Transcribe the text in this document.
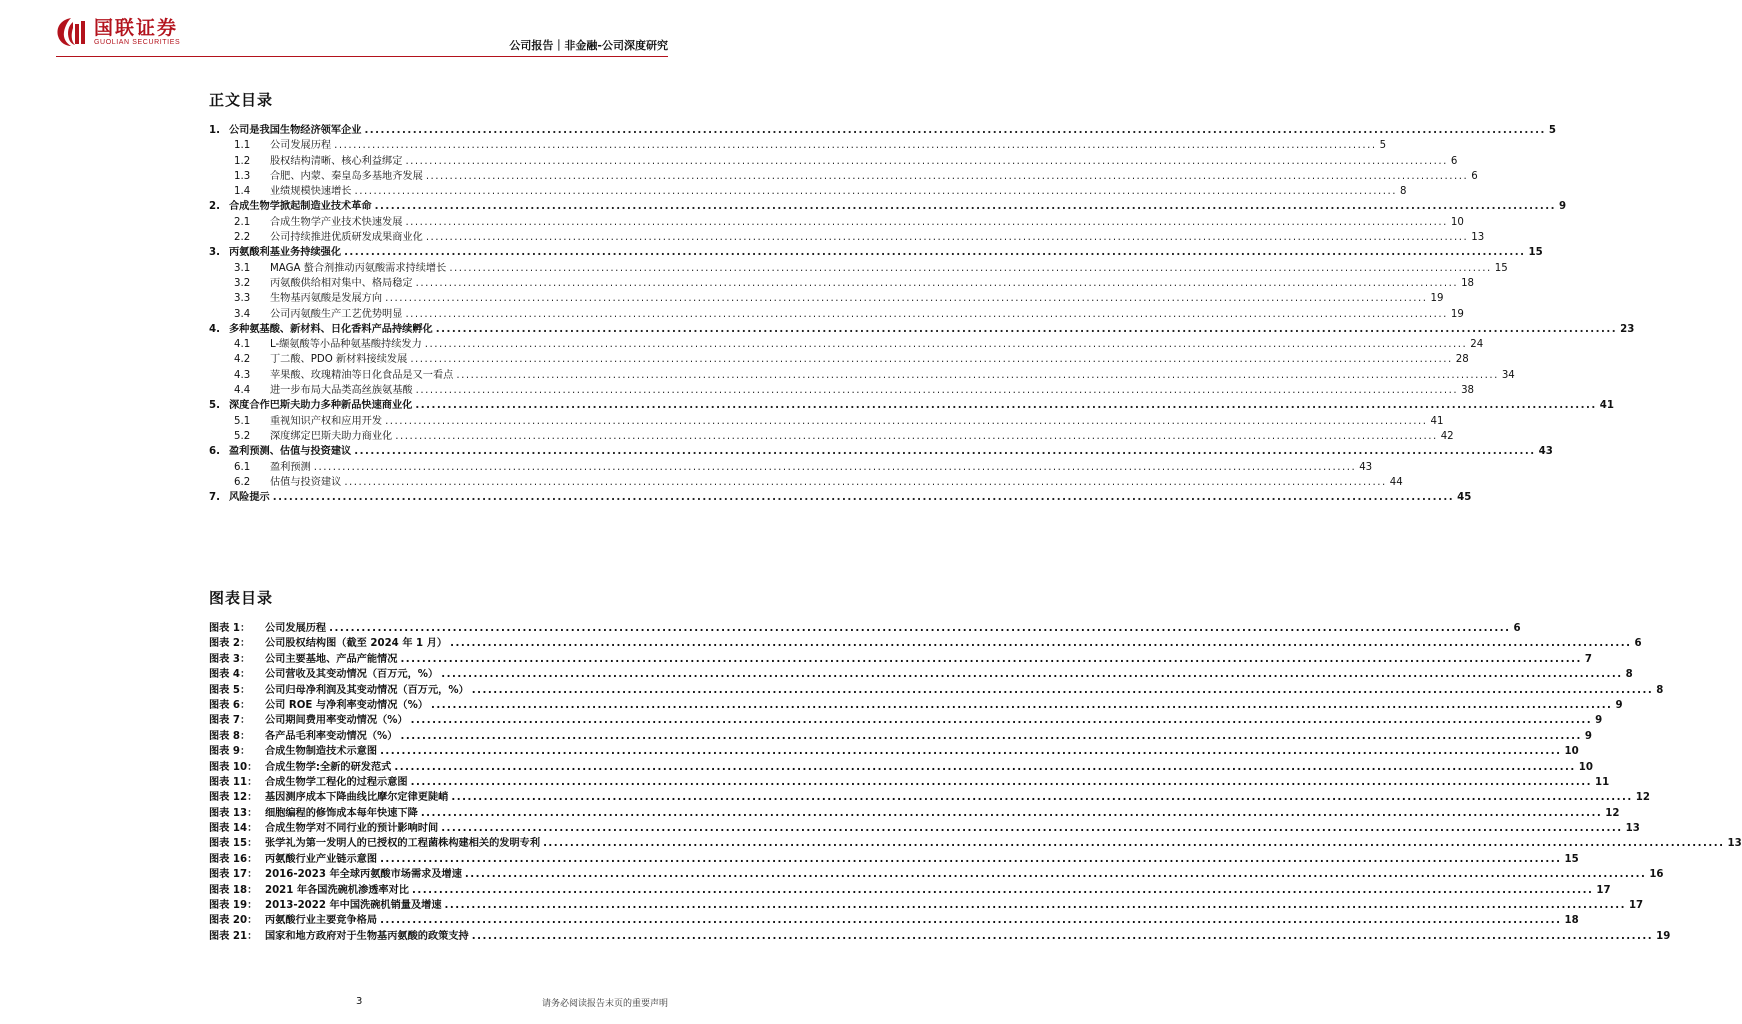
国联证券
GUOLIAN SECURITIES	公司报告｜非金融-公司深度研究
正文目录
1. 公司是我国生物经济领军企业 ............................................................................................................................................................................................................................ 5
1.1	公司发展历程 ............................................................................................................................................................................................................................ 5
1.2	股权结构清晰、核心利益绑定 ............................................................................................................................................................................................................................ 6
1.3	合肥、内蒙、秦皇岛多基地齐发展 ............................................................................................................................................................................................................................ 6
1.4	业绩规模快速增长 ............................................................................................................................................................................................................................ 8
2. 合成生物学掀起制造业技术革命 ............................................................................................................................................................................................................................ 9
2.1	合成生物学产业技术快速发展 ............................................................................................................................................................................................................................ 10
2.2	公司持续推进优质研发成果商业化 ............................................................................................................................................................................................................................ 13
3. 丙氨酸利基业务持续强化 ............................................................................................................................................................................................................................ 15
3.1	MAGA 螯合剂推动丙氨酸需求持续增长 ............................................................................................................................................................................................................................ 15
3.2	丙氨酸供给相对集中、格局稳定 ............................................................................................................................................................................................................................ 18
3.3	生物基丙氨酸是发展方向 ............................................................................................................................................................................................................................ 19
3.4	公司丙氨酸生产工艺优势明显 ............................................................................................................................................................................................................................ 19
4. 多种氨基酸、新材料、日化香料产品持续孵化 ............................................................................................................................................................................................................................ 23
4.1	L-缬氨酸等小品种氨基酸持续发力 ............................................................................................................................................................................................................................ 24
4.2	丁二酸、PDO 新材料接续发展 ............................................................................................................................................................................................................................ 28
4.3	苹果酸、玫瑰精油等日化食品是又一看点 ............................................................................................................................................................................................................................ 34
4.4	进一步布局大品类高丝族氨基酸 ............................................................................................................................................................................................................................ 38
5. 深度合作巴斯夫助力多种新品快速商业化 ............................................................................................................................................................................................................................ 41
5.1	重视知识产权和应用开发 ............................................................................................................................................................................................................................ 41
5.2	深度绑定巴斯夫助力商业化 ............................................................................................................................................................................................................................ 42
6. 盈利预测、估值与投资建议 ............................................................................................................................................................................................................................ 43
6.1	盈利预测 ............................................................................................................................................................................................................................ 43
6.2	估值与投资建议 ............................................................................................................................................................................................................................ 44
7. 风险提示 ............................................................................................................................................................................................................................ 45
图表目录
图表 1：	公司发展历程 ............................................................................................................................................................................................................................ 6
图表 2：	公司股权结构图（截至 2024 年 1 月） ............................................................................................................................................................................................................................ 6
图表 3：	公司主要基地、产品产能情况 ............................................................................................................................................................................................................................ 7
图表 4：	公司营收及其变动情况（百万元，%） ............................................................................................................................................................................................................................ 8
图表 5：	公司归母净利润及其变动情况（百万元，%） ............................................................................................................................................................................................................................ 8
图表 6：	公司 ROE 与净利率变动情况（%） ............................................................................................................................................................................................................................ 9
图表 7：	公司期间费用率变动情况（%） ............................................................................................................................................................................................................................ 9
图表 8：	各产品毛利率变动情况（%） ............................................................................................................................................................................................................................ 9
图表 9：	合成生物制造技术示意图 ............................................................................................................................................................................................................................ 10
图表 10： 合成生物学:全新的研发范式 ............................................................................................................................................................................................................................ 10
图表 11： 合成生物学工程化的过程示意图 ............................................................................................................................................................................................................................ 11
图表 12： 基因测序成本下降曲线比摩尔定律更陡峭 ............................................................................................................................................................................................................................ 12
图表 13： 细胞编程的修饰成本每年快速下降 ............................................................................................................................................................................................................................ 12
图表 14： 合成生物学对不同行业的预计影响时间 ............................................................................................................................................................................................................................ 13
图表 15： 张学礼为第一发明人的已授权的工程菌株构建相关的发明专利 ............................................................................................................................................................................................................................ 13
图表 16： 丙氨酸行业产业链示意图 ............................................................................................................................................................................................................................ 15
图表 17： 2016-2023 年全球丙氨酸市场需求及增速 ............................................................................................................................................................................................................................ 16
图表 18： 2021 年各国洗碗机渗透率对比 ............................................................................................................................................................................................................................ 17
图表 19： 2013-2022 年中国洗碗机销量及增速 ............................................................................................................................................................................................................................ 17
图表 20： 丙氨酸行业主要竞争格局 ............................................................................................................................................................................................................................ 18
图表 21： 国家和地方政府对于生物基丙氨酸的政策支持 ............................................................................................................................................................................................................................ 19
3	请务必阅读报告末页的重要声明
